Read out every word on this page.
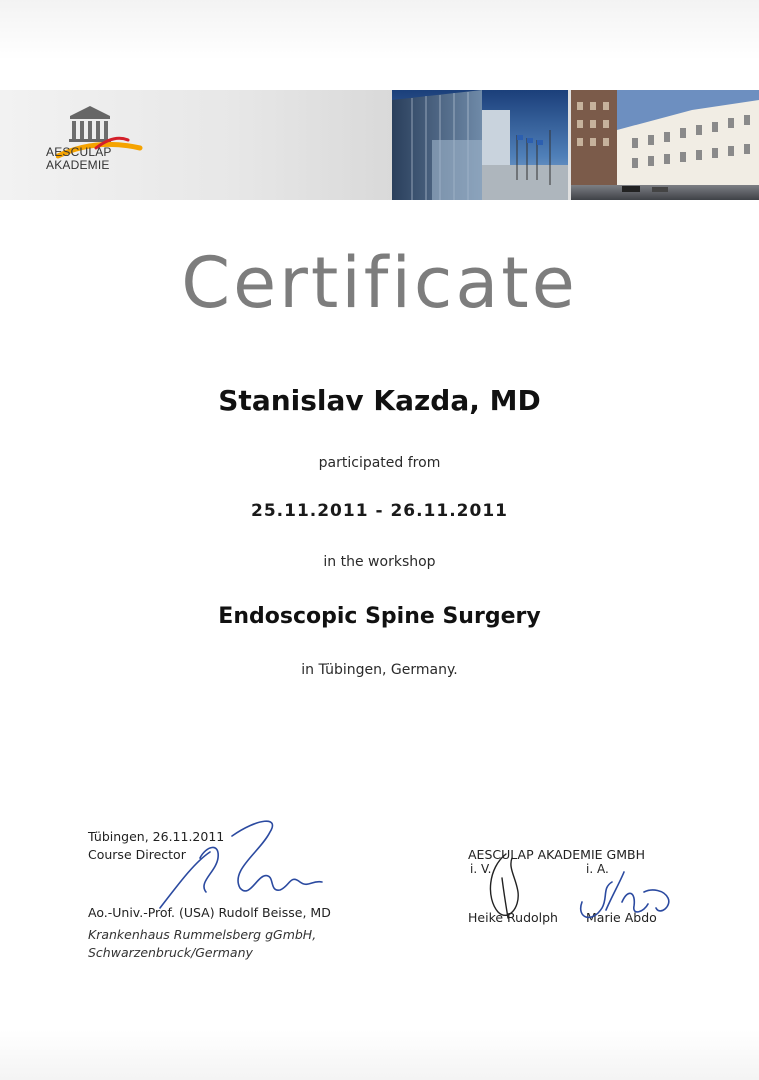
AESCULAP
AKADEMIE
Certificate
Stanislav Kazda, MD
participated from
25.11.2011 - 26.11.2011
in the workshop
Endoscopic Spine Surgery
in Tübingen, Germany.
Tübingen, 26.11.2011
Course Director
Ao.-Univ.-Prof. (USA) Rudolf Beisse, MD
Krankenhaus Rummelsberg gGmbH,
Schwarzenbruck/Germany
AESCULAP AKADEMIE GMBH
i. V.	i. A.
Heike Rudolph Marie Abdo
